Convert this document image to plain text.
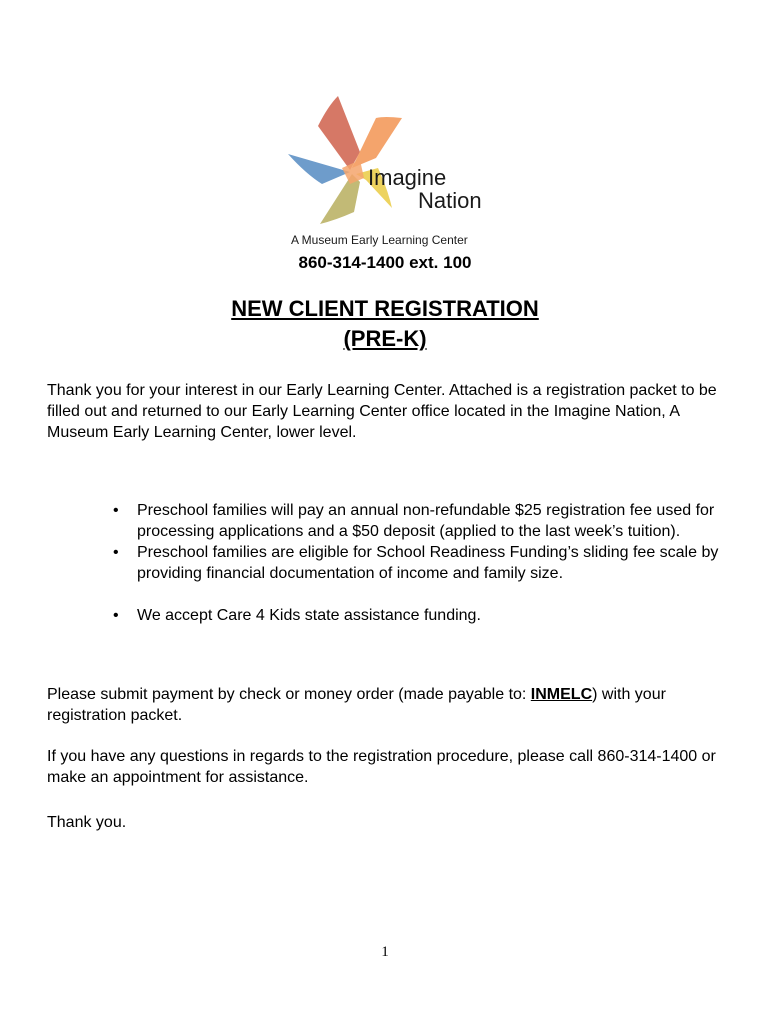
Imagine
Nation
A Museum Early Learning Center
860-314-1400 ext. 100
NEW CLIENT REGISTRATION
(PRE-K)

Thank you for your interest in our Early Learning Center. Attached is a registration packet to be filled out and returned to our Early Learning Center office located in the Imagine Nation, A Museum Early Learning Center, lower level.

• Preschool families will pay an annual non-refundable $25 registration fee used for processing applications and a $50 deposit (applied to the last week’s tuition).
• Preschool families are eligible for School Readiness Funding’s sliding fee scale by providing financial documentation of income and family size.
• We accept Care 4 Kids state assistance funding.

Please submit payment by check or money order (made payable to: INMELC) with your registration packet.

If you have any questions in regards to the registration procedure, please call 860-314-1400 or make an appointment for assistance.

Thank you.

1
